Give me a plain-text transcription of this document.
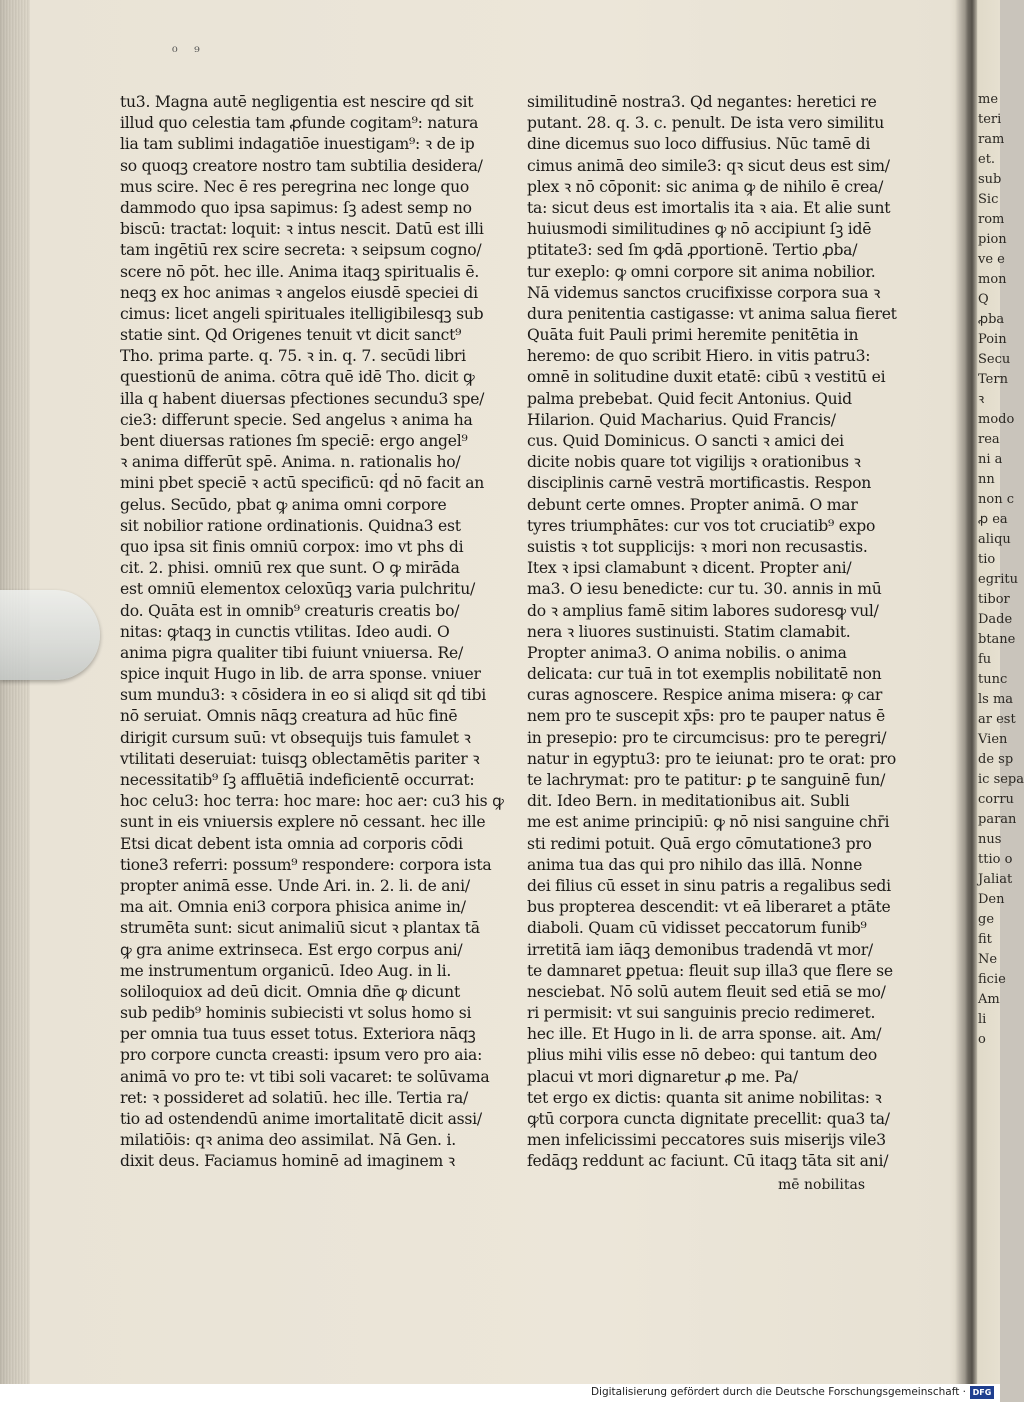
₀ ₉
tu3. Magna autē negligentia est nescire qd sit
illud quo celestia tam ꝓfunde cogitam⁹: natura
lia tam sublimi indagatiōe inuestigam⁹: ꝛ de ip
so quoqꝫ creatore nostro tam subtilia desidera/
mus scire. Nec ē res peregrina nec longe quo
dammodo quo ipsa sapimus: ſꝫ adest semp no
biscū: tractat: loquit: ꝛ intus nescit. Datū est illi
tam ingētiū rex scire secreta: ꝛ seipsum cogno/
scere nō pōt. hec ille. Anima itaqꝫ spiritualis ē.
neqꝫ ex hoc animas ꝛ angelos eiusdē speciei di
cimus: licet angeli spirituales itelligibilesqꝫ sub
statie sint. Qd Origenes tenuit vt dicit sanct⁹
Tho. prima parte. q. 75. ꝛ in. q. 7. secūdi libri
questionū de anima. cōtra quē idē Tho. dicit ꝙ
illa q habent diuersas pfectiones secundu3 spe/
cie3: differunt specie. Sed angelus ꝛ anima ha
bent diuersas rationes ſm speciē: ergo angel⁹
ꝛ anima differūt spē. Anima. n. rationalis ho/
mini pbet speciē ꝛ actū specificū: qḋ nō facit an
gelus. Secūdo, pbat ꝙ anima omni corpore
sit nobilior ratione ordinationis. Quidna3 est
quo ipsa sit finis omniū corpox: imo vt phs di
cit. 2. phisi. omniū rex que sunt. O ꝙ mirāda
est omniū elementox celoxūqꝫ varia pulchritu/
do. Quāta est in omnib⁹ creaturis creatis bo/
nitas: ꝙtaqꝫ in cunctis vtilitas. Ideo audi. O
anima pigra qualiter tibi fuiunt vniuersa. Re/
spice inquit Hugo in lib. de arra sponse. vniuer
sum mundu3: ꝛ cōsidera in eo si aliqd sit qḋ tibi
nō seruiat. Omnis nāqꝫ creatura ad hūc finē
dirigit cursum suū: vt obsequijs tuis famulet ꝛ
vtilitati deseruiat: tuisqꝫ oblectamētis pariter ꝛ
necessitatib⁹ ſꝫ affluētiā indeficientē occurrat:
hoc celu3: hoc terra: hoc mare: hoc aer: cu3 his ꝙ
sunt in eis vniuersis explere nō cessant. hec ille
Etsi dicat debent ista omnia ad corporis cōdi
tione3 referri: possum⁹ respondere: corpora ista
propter animā esse. Unde Ari. in. 2. li. de ani/
ma ait. Omnia eni3 corpora phisica anime in/
strumēta sunt: sicut animaliū sicut ꝛ plantax tā
ꝙ gra anime extrinseca. Est ergo corpus ani/
me instrumentum organicū. Ideo Aug. in li.
soliloquiox ad deū dicit. Omnia dn̄e ꝙ dicunt
sub pedib⁹ hominis subiecisti vt solus homo si
per omnia tua tuus esset totus. Exteriora nāqꝫ
pro corpore cuncta creasti: ipsum vero pro aia:
animā vo pro te: vt tibi soli vacaret: te solūvama
ret: ꝛ possideret ad solatiū. hec ille. Tertia ra/
tio ad ostendendū anime imortalitatē dicit assi/
milatiōis: qꝛ anima deo assimilat. Nā Gen. i.
dixit deus. Faciamus hominē ad imaginem ꝛ
similitudinē nostra3. Qd negantes: heretici re
putant. 28. q. 3. c. penult. De ista vero similitu
dine dicemus suo loco diffusius. Nūc tamē di
cimus animā deo simile3: qꝛ sicut deus est sim/
plex ꝛ nō cōponit: sic anima ꝙ de nihilo ē crea/
ta: sicut deus est imortalis ita ꝛ aia. Et alie sunt
huiusmodi similitudines ꝙ nō accipiunt ſꝫ idē
ptitate3: sed ſm ꝙdā ꝓportionē. Tertio ꝓba/
tur exeplo: ꝙ omni corpore sit anima nobilior.
Nā videmus sanctos crucifixisse corpora sua ꝛ
dura penitentia castigasse: vt anima salua fieret
Quāta fuit Pauli primi heremite penitētia in
heremo: de quo scribit Hiero. in vitis patru3:
omnē in solitudine duxit etatē: cibū ꝛ vestitū ei
palma prebebat. Quid fecit Antonius. Quid
Hilarion. Quid Macharius. Quid Francis/
cus. Quid Dominicus. O sancti ꝛ amici dei
dicite nobis quare tot vigilijs ꝛ orationibus ꝛ
disciplinis carnē vestrā mortificastis. Respon
debunt certe omnes. Propter animā. O mar
tyres triumphātes: cur vos tot cruciatib⁹ expo
suistis ꝛ tot supplicijs: ꝛ mori non recusastis.
Itex ꝛ ipsi clamabunt ꝛ dicent. Propter ani/
ma3. O iesu benedicte: cur tu. 30. annis in mū
do ꝛ amplius famē sitim labores sudoresꝙ vul/
nera ꝛ liuores sustinuisti. Statim clamabit.
Propter anima3. O anima nobilis. o anima
delicata: cur tuā in tot exemplis nobilitatē non
curas agnoscere. Respice anima misera: ꝙ car
nem pro te suscepit xp̄s: pro te pauper natus ē
in presepio: pro te circumcisus: pro te peregri/
natur in egyptu3: pro te ieiunat: pro te orat: pro
te lachrymat: pro te patitur: ꝑ te sanguinē fun/
dit. Ideo Bern. in meditationibus ait. Subli
me est anime principiū: ꝙ nō nisi sanguine chr̄i
sti redimi potuit. Quā ergo cōmutatione3 pro
anima tua das qui pro nihilo das illā. Nonne
dei filius cū esset in sinu patris a regalibus sedi
bus propterea descendit: vt eā liberaret a ptāte
diaboli. Quam cū vidisset peccatorum funib⁹
irretitā iam iāqꝫ demonibus tradendā vt mor/
te damnaret ꝑpetua: fleuit sup illa3 que flere se
nesciebat. Nō solū autem fleuit sed etiā se mo/
ri permisit: vt sui sanguinis precio redimeret.
hec ille. Et Hugo in li. de arra sponse. ait. Am/
plius mihi vilis esse nō debeo: qui tantum deo
placui vt mori dignaretur ꝓ me. Pa/
tet ergo ex dictis: quanta sit anime nobilitas: ꝛ
ꝙtū corpora cuncta dignitate precellit: qua3 ta/
men infelicissimi peccatores suis miserijs vile3
fedāqꝫ reddunt ac faciunt. Cū itaqꝫ tāta sit ani/
mē nobilitas
me
teri
ram
et.
sub
Sic
rom
pion
ve e
mon
Q
ꝓba
Poin
Secu
Tern
ꝛ
modo
rea
ni a
nn
non c
ꝓ ea
aliqu
tio
egritu
tibor
Dade
btane
fu
tunc
ls ma
ar est
Vien
de sp
ic sepa
corru
paran
nus
ttio o
Jaliat
Den
ge
fit
Ne
ficie
Am
li
o
Digitalisierung gefördert durch die Deutsche Forschungsgemeinschaft · DFG
